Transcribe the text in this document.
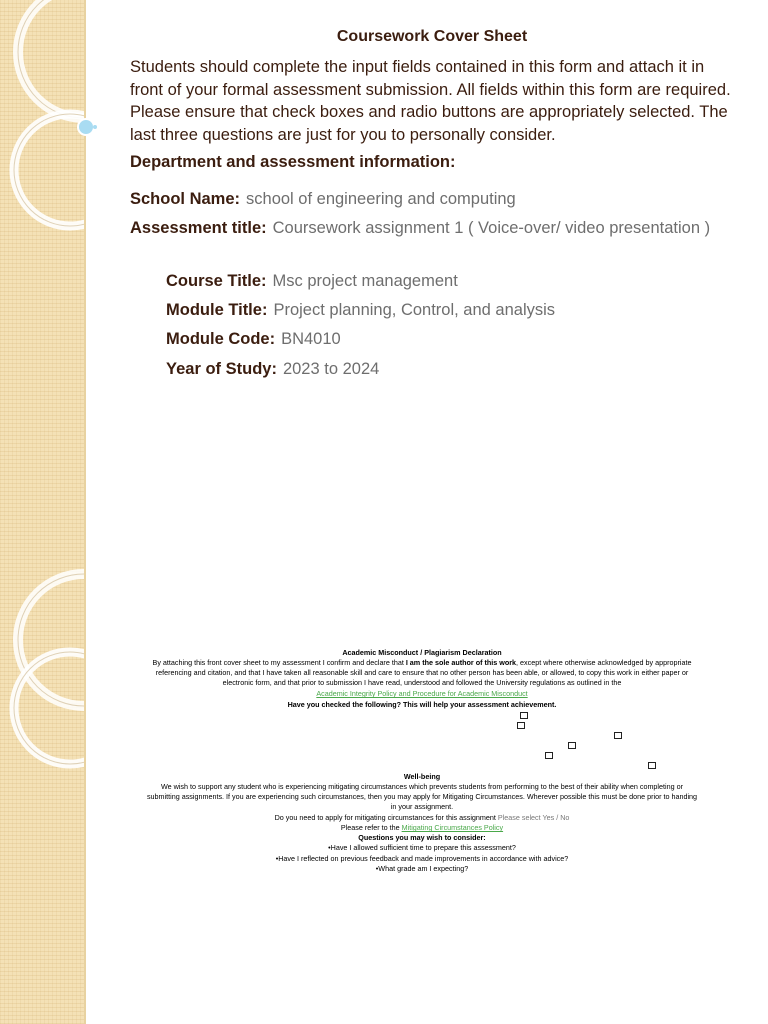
Coursework Cover Sheet
Students should complete the input fields contained in this form and attach it in front of your formal assessment submission. All fields within this form are required. Please ensure that check boxes and radio buttons are appropriately selected. The last three questions are just for you to personally consider.
Department and assessment information:
School Name: school of engineering and computing
Assessment title: Coursework assignment 1 ( Voice-over/ video presentation )
Course Title: Msc project management
Module Title: Project planning, Control, and analysis
Module Code: BN4010
Year of Study: 2023 to 2024
Academic Misconduct / Plagiarism Declaration
By attaching this front cover sheet to my assessment I confirm and declare that I am the sole author of this work, except where otherwise acknowledged by appropriate referencing and citation, and that I have taken all reasonable skill and care to ensure that no other person has been able, or allowed, to copy this work in either paper or electronic form, and that prior to submission I have read, understood and followed the University regulations as outlined in the
Academic Integrity Policy and Procedure for Academic Misconduct
Have you checked the following? This will help your assessment achievement.
Well-being
We wish to support any student who is experiencing mitigating circumstances which prevents students from performing to the best of their ability when completing or submitting assignments. If you are experiencing such circumstances, then you may apply for Mitigating Circumstances. Wherever possible this must be done prior to handing in your assignment.
Do you need to apply for mitigating circumstances for this assignment Please select Yes / No
Please refer to the Mitigating Circumstances Policy
Questions you may wish to consider:
•Have I allowed sufficient time to prepare this assessment?
•Have I reflected on previous feedback and made improvements in accordance with advice?
•What grade am I expecting?
